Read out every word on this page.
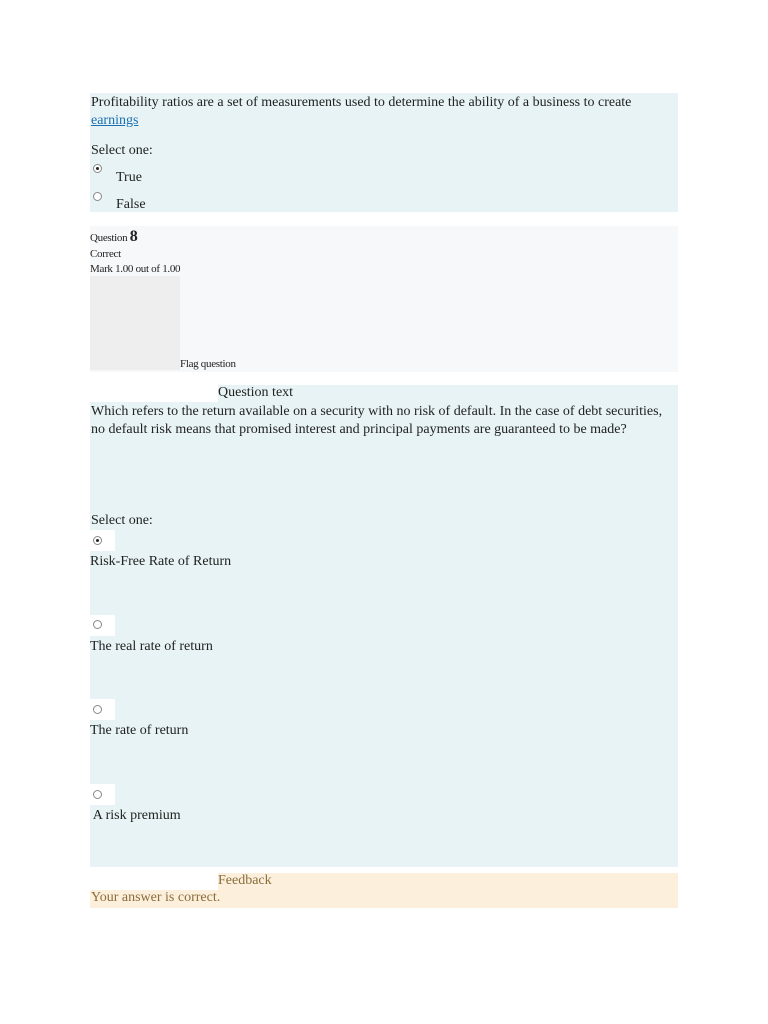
Profitability ratios are a set of measurements used to determine the ability of a business to create earnings
Select one:
True
False
Question 8
Correct
Mark 1.00 out of 1.00
Flag question
Question text
Which refers to the return available on a security with no risk of default. In the case of debt securities, no default risk means that promised interest and principal payments are guaranteed to be made?
Select one:
Risk-Free Rate of Return
The real rate of return
The rate of return
A risk premium
Feedback
Your answer is correct.
